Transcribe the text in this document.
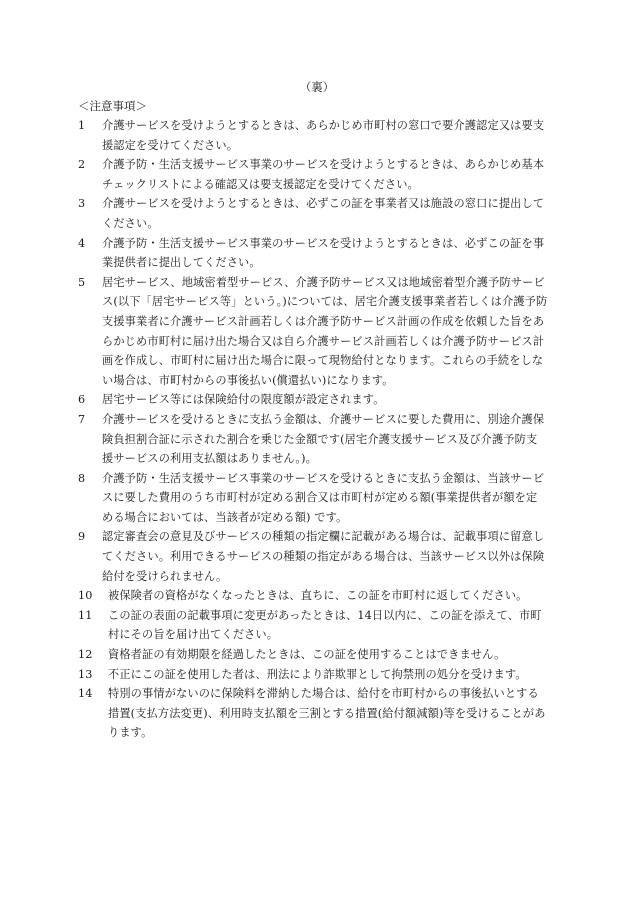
（裏）
＜注意事項＞
1	介護サービスを受けようとするときは、あらかじめ市町村の窓口で要介護認定又は要支援認定を受けてください。
2	介護予防・生活支援サービス事業のサービスを受けようとするときは、あらかじめ基本チェックリストによる確認又は要支援認定を受けてください。
3	介護サービスを受けようとするときは、必ずこの証を事業者又は施設の窓口に提出してください。
4	介護予防・生活支援サービス事業のサービスを受けようとするときは、必ずこの証を事業提供者に提出してください。
5	居宅サービス、地域密着型サービス、介護予防サービス又は地域密着型介護予防サービス(以下「居宅サービス等」という。)については、居宅介護支援事業者若しくは介護予防支援事業者に介護サービス計画若しくは介護予防サービス計画の作成を依頼した旨をあらかじめ市町村に届け出た場合又は自ら介護サービス計画若しくは介護予防サービス計画を作成し、市町村に届け出た場合に限って現物給付となります。これらの手続をしない場合は、市町村からの事後払い(償還払い)になります。
6	居宅サービス等には保険給付の限度額が設定されます。
7	介護サービスを受けるときに支払う金額は、介護サービスに要した費用に、別途介護保険負担割合証に示された割合を乗じた金額です(居宅介護支援サービス及び介護予防支援サービスの利用支払額はありません。)。
8	介護予防・生活支援サービス事業のサービスを受けるときに支払う金額は、当該サービスに要した費用のうち市町村が定める割合又は市町村が定める額(事業提供者が額を定める場合においては、当該者が定める額) です。
9	認定審査会の意見及びサービスの種類の指定欄に記載がある場合は、記載事項に留意してください。利用できるサービスの種類の指定がある場合は、当該サービス以外は保険給付を受けられません。
10	被保険者の資格がなくなったときは、直ちに、この証を市町村に返してください。
11	この証の表面の記載事項に変更があったときは、14日以内に、この証を添えて、市町村にその旨を届け出てください。
12	資格者証の有効期限を経過したときは、この証を使用することはできません。
13	不正にこの証を使用した者は、刑法により詐欺罪として拘禁刑の処分を受けます。
14	特別の事情がないのに保険料を滞納した場合は、給付を市町村からの事後払いとする措置(支払方法変更)、利用時支払額を三割とする措置(給付額減額)等を受けることがあります。
